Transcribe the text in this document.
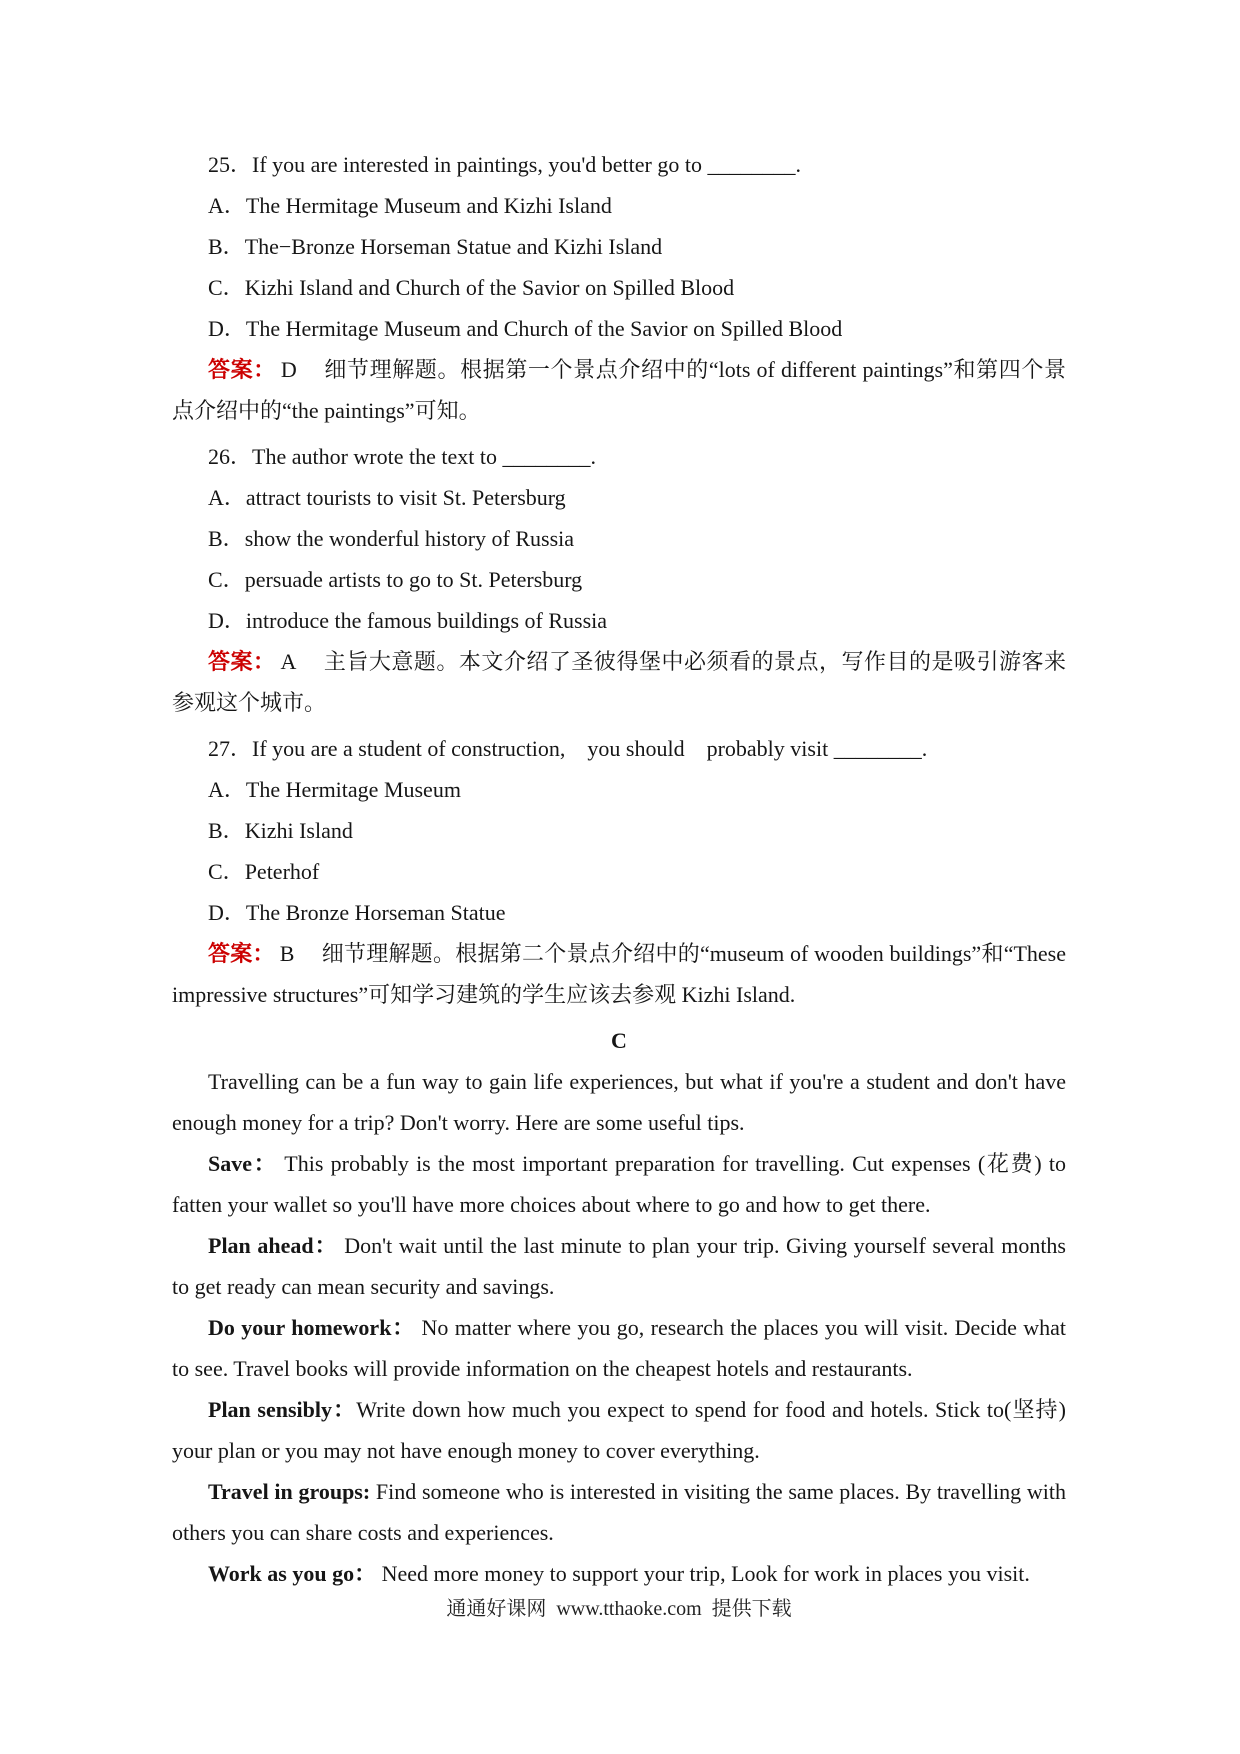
25．If you are interested in paintings, you'd better go to ________.

A．The Hermitage Museum and Kizhi Island

B．The−Bronze Horseman Statue and Kizhi Island

C．Kizhi Island and Church of the Savior on Spilled Blood

D．The Hermitage Museum and Church of the Savior on Spilled Blood

答案： D 细节理解题。根据第一个景点介绍中的“lots of different paintings”和第四个景点介绍中的“the paintings”可知。

26．The author wrote the text to ________.

A．attract tourists to visit St. Petersburg

B．show the wonderful history of Russia

C．persuade artists to go to St. Petersburg

D．introduce the famous buildings of Russia

答案： A 主旨大意题。本文介绍了圣彼得堡中必须看的景点，写作目的是吸引游客来参观这个城市。

27．If you are a student of construction,    you should    probably visit ________.

A．The Hermitage Museum

B．Kizhi Island

C．Peterhof

D．The Bronze Horseman Statue

答案： B 细节理解题。根据第二个景点介绍中的“museum of wooden buildings”和“These impressive structures”可知学习建筑的学生应该去参观 Kizhi Island.

C

Travelling can be a fun way to gain life experiences, but what if you're a student and don't have enough money for a trip? Don't worry. Here are some useful tips.

Save： This probably is the most important preparation for travelling. Cut expenses (花费) to fatten your wallet so you'll have more choices about where to go and how to get there.

Plan ahead： Don't wait until the last minute to plan your trip. Giving yourself several months to get ready can mean security and savings.

Do your homework： No matter where you go, research the places you will visit. Decide what to see. Travel books will provide information on the cheapest hotels and restaurants.

Plan sensibly：Write down how much you expect to spend for food and hotels. Stick to(坚持) your plan or you may not have enough money to cover everything.

Travel in groups: Find someone who is interested in visiting the same places. By travelling with others you can share costs and experiences.

Work as you go： Need more money to support your trip, Look for work in places you visit.

通通好课网  www.tthaoke.com  提供下载
